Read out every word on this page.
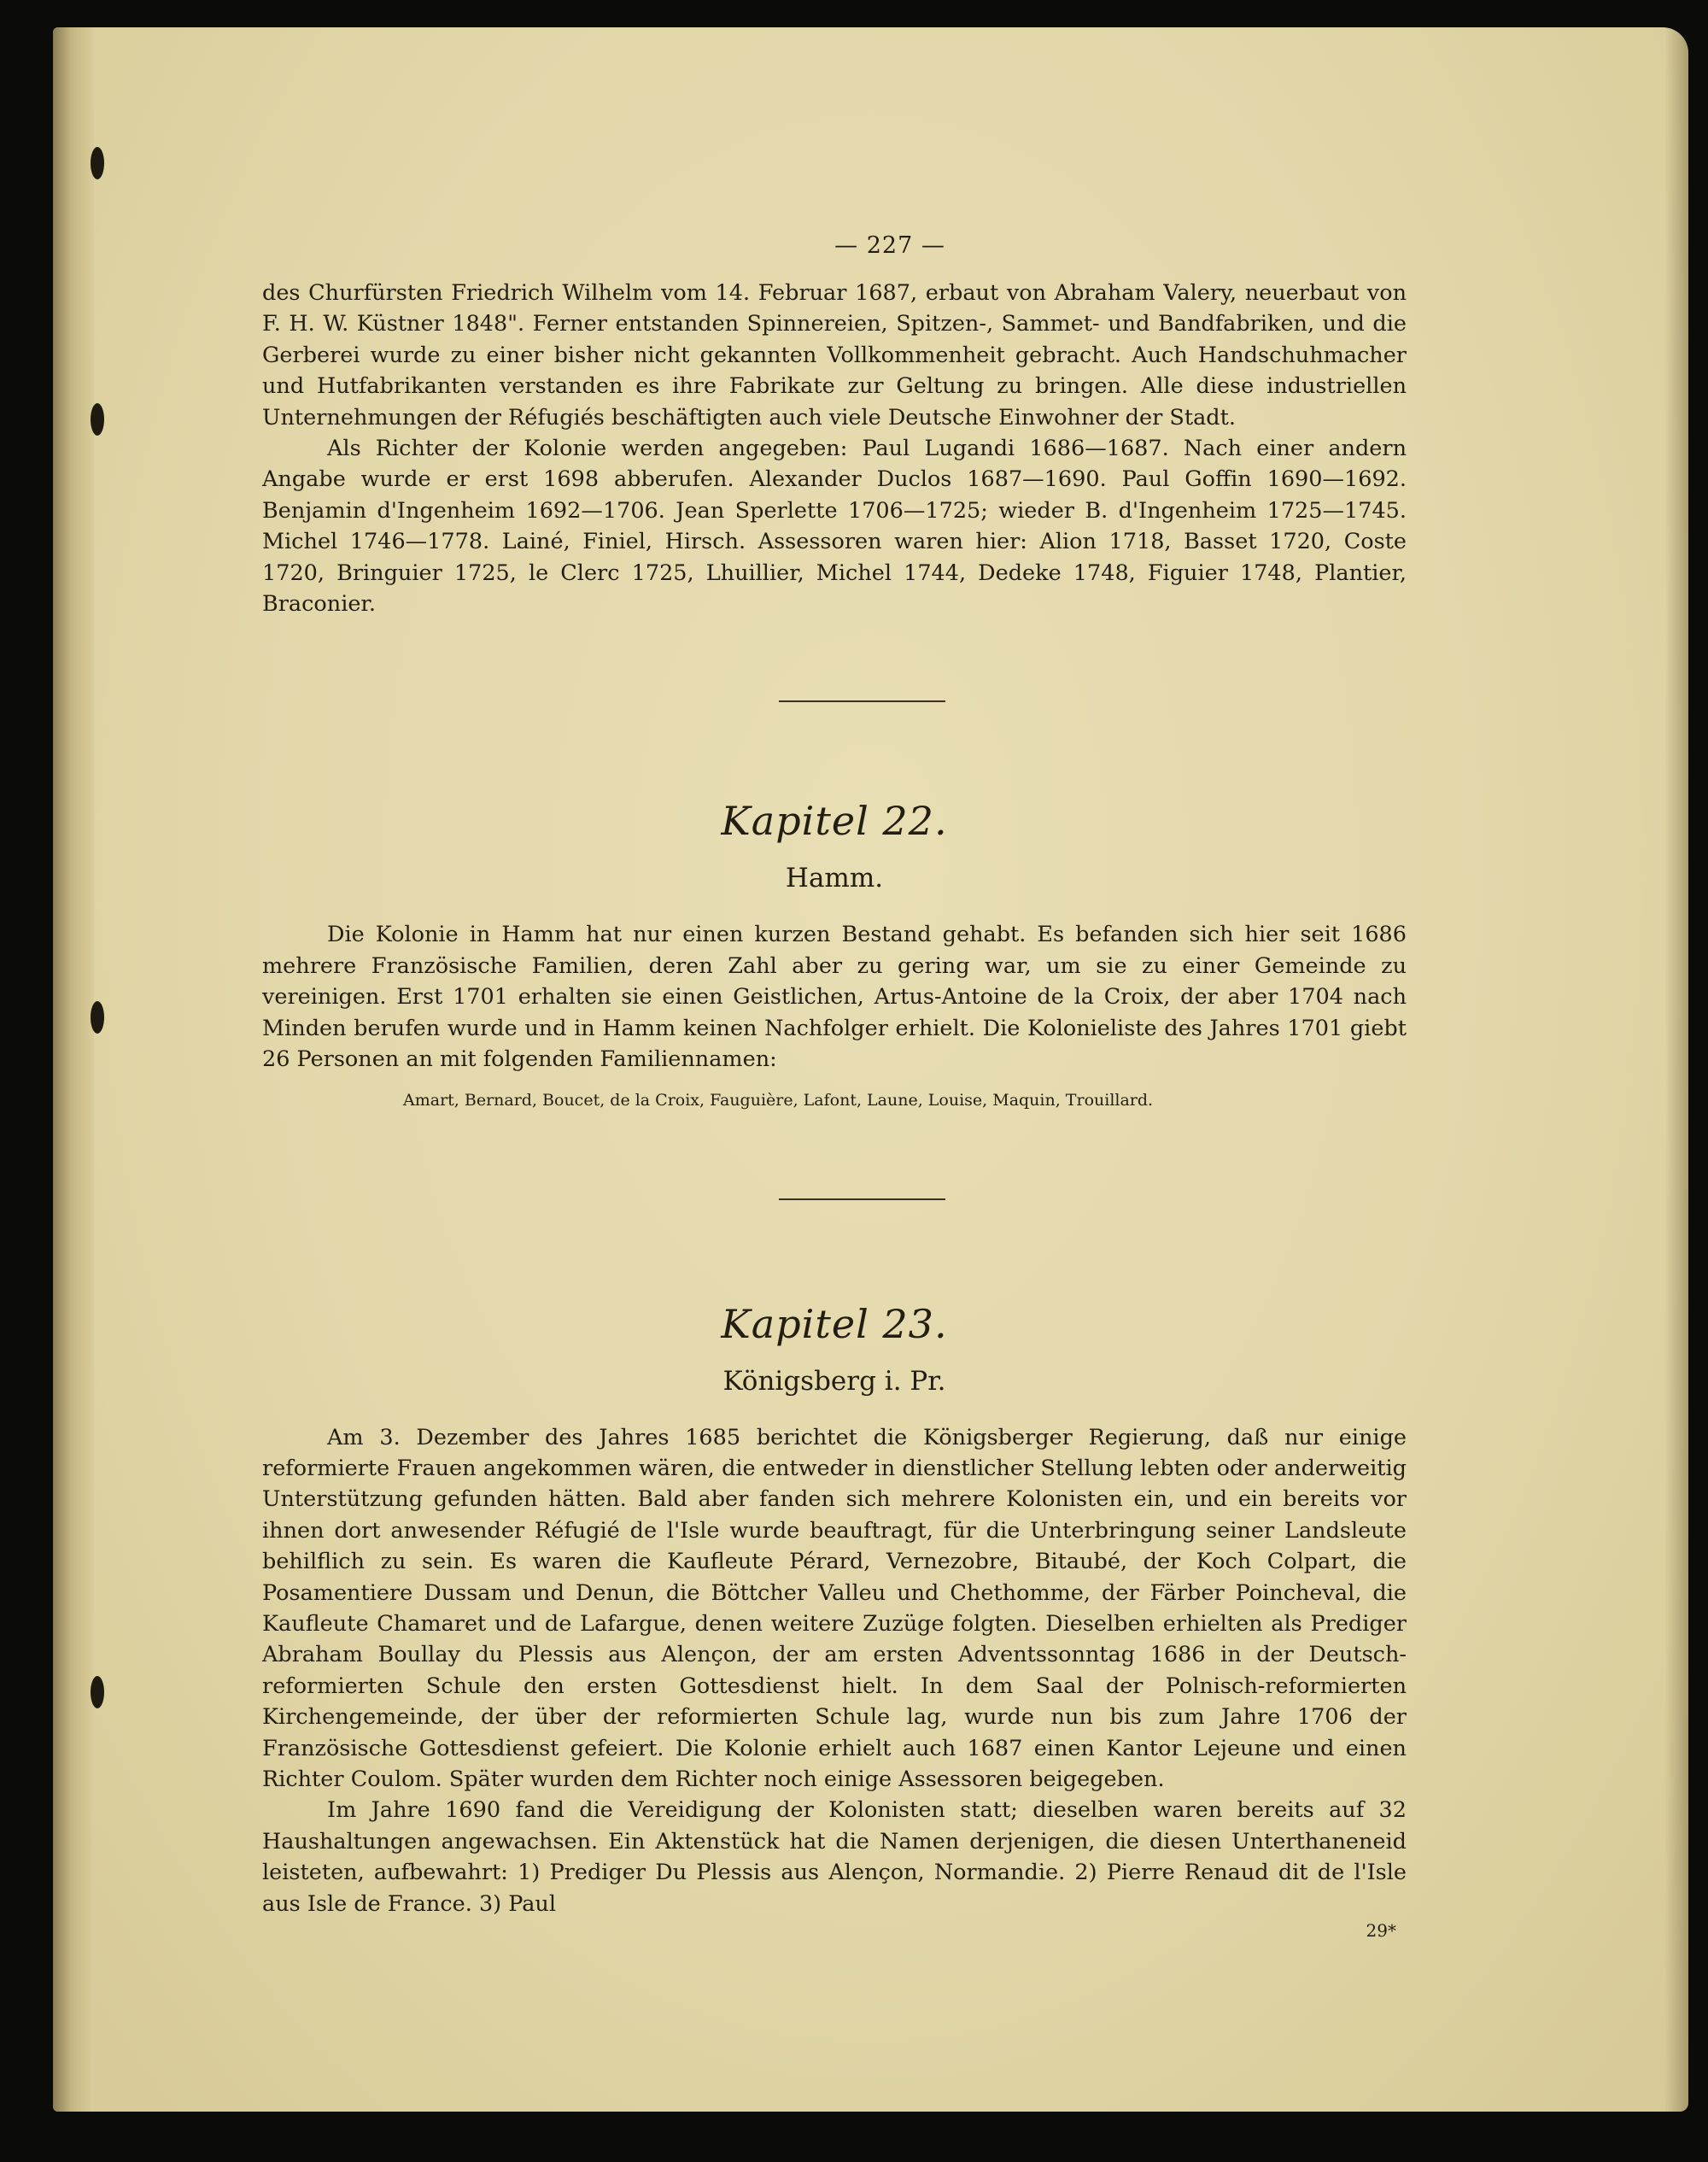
— 227 —

des Churfürsten Friedrich Wilhelm vom 14. Februar 1687, erbaut von Abraham Valery, neuerbaut von F. H. W. Küstner 1848". Ferner entstanden Spinnereien, Spitzen-, Sammet- und Bandfabriken, und die Gerberei wurde zu einer bisher nicht gekannten Vollkommenheit gebracht. Auch Handschuhmacher und Hutfabrikanten verstanden es ihre Fabrikate zur Geltung zu bringen. Alle diese industriellen Unternehmungen der Réfugiés beschäftigten auch viele Deutsche Einwohner der Stadt.

Als Richter der Kolonie werden angegeben: Paul Lugandi 1686—1687. Nach einer andern Angabe wurde er erst 1698 abberufen. Alexander Duclos 1687—1690. Paul Goffin 1690—1692. Benjamin d'Ingenheim 1692—1706. Jean Sperlette 1706—1725; wieder B. d'Ingenheim 1725—1745. Michel 1746—1778. Lainé, Finiel, Hirsch. Assessoren waren hier: Alion 1718, Basset 1720, Coste 1720, Bringuier 1725, le Clerc 1725, Lhuillier, Michel 1744, Dedeke 1748, Figuier 1748, Plantier, Braconier.

Kapitel 22.
Hamm.

Die Kolonie in Hamm hat nur einen kurzen Bestand gehabt. Es befanden sich hier seit 1686 mehrere Französische Familien, deren Zahl aber zu gering war, um sie zu einer Gemeinde zu vereinigen. Erst 1701 erhalten sie einen Geistlichen, Artus-Antoine de la Croix, der aber 1704 nach Minden berufen wurde und in Hamm keinen Nachfolger erhielt. Die Kolonieliste des Jahres 1701 giebt 26 Personen an mit folgenden Familiennamen:

Amart, Bernard, Boucet, de la Croix, Fauguière, Lafont, Laune, Louise, Maquin, Trouillard.
Kapitel 23.
Königsberg i. Pr.

Am 3. Dezember des Jahres 1685 berichtet die Königsberger Regierung, daß nur einige reformierte Frauen angekommen wären, die entweder in dienstlicher Stellung lebten oder anderweitig Unterstützung gefunden hätten. Bald aber fanden sich mehrere Kolonisten ein, und ein bereits vor ihnen dort anwesender Réfugié de l'Isle wurde beauftragt, für die Unterbringung seiner Landsleute behilflich zu sein. Es waren die Kaufleute Pérard, Vernezobre, Bitaubé, der Koch Colpart, die Posamentiere Dussam und Denun, die Böttcher Valleu und Chethomme, der Färber Poincheval, die Kaufleute Chamaret und de Lafargue, denen weitere Zuzüge folgten. Dieselben erhielten als Prediger Abraham Boullay du Plessis aus Alençon, der am ersten Adventssonntag 1686 in der Deutsch-reformierten Schule den ersten Gottesdienst hielt. In dem Saal der Polnisch-reformierten Kirchengemeinde, der über der reformierten Schule lag, wurde nun bis zum Jahre 1706 der Französische Gottesdienst gefeiert. Die Kolonie erhielt auch 1687 einen Kantor Lejeune und einen Richter Coulom. Später wurden dem Richter noch einige Assessoren beigegeben.

Im Jahre 1690 fand die Vereidigung der Kolonisten statt; dieselben waren bereits auf 32 Haushaltungen angewachsen. Ein Aktenstück hat die Namen derjenigen, die diesen Unterthaneneid leisteten, aufbewahrt: 1) Prediger Du Plessis aus Alençon, Normandie. 2) Pierre Renaud dit de l'Isle aus Isle de France. 3) Paul

29*
